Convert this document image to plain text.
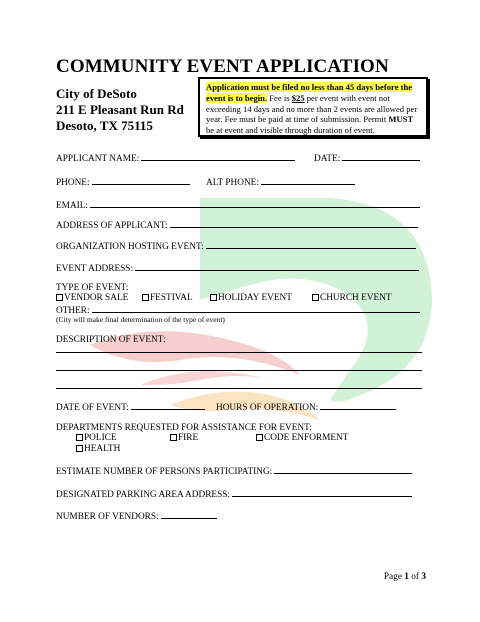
COMMUNITY EVENT APPLICATION
City of DeSoto
211 E Pleasant Run Rd
Desoto, TX 75115
Application must be filed no less than 45 days before the event is to begin. Fee is $25 per event with event not exceeding 14 days and no more than 2 events are allowed per year. Fee must be paid at time of submission. Permit MUST be at event and visible through duration of event.
APPLICANT NAME:	DATE:
PHONE:	ALT PHONE:
EMAIL:
ADDRESS OF APPLICANT:
ORGANIZATION HOSTING EVENT:
EVENT ADDRESS:
TYPE OF EVENT:
VENDOR SALE	FESTIVAL	HOLIDAY EVENT	CHURCH EVENT
OTHER:
(City will make final determination of the type of event)
DESCRIPTION OF EVENT:
DATE OF EVENT:	HOURS OF OPERATION:
DEPARTMENTS REQUESTED FOR ASSISTANCE FOR EVENT:
POLICE	FIRE	CODE ENFORMENT
HEALTH
ESTIMATE NUMBER OF PERSONS PARTICIPATING:
DESIGNATED PARKING AREA ADDRESS:
NUMBER OF VENDORS:
Page 1 of 3
